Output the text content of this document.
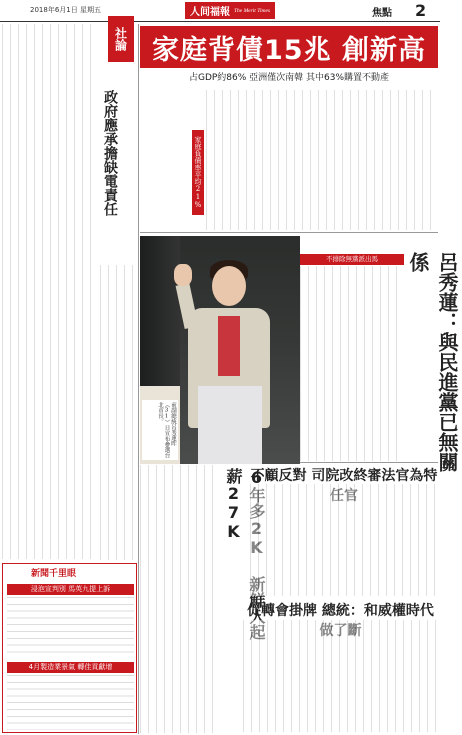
2018年6月1日 星期五	人间福報 The Merit Times	焦點 2
家庭背債15兆 創新高
占GDP約86% 亞洲僅次南韓 其中63%購置不動產
社論
政府應承擔缺電責任	家庭負債率平均21%
前副總統呂秀蓮昨（31）日宣布參選台北市長。
不排除無黨派出馬	呂秀蓮：與民進黨已無關係
不顧反對 司院改終審法官為特任官
6年多2K 新鮮人起薪27K
促轉會掛牌 總統：和威權時代做了斷
新聞千里眼
浸泡宣判別 馬英九提上訴
4月製造業景氣 轉佳貢獻增
